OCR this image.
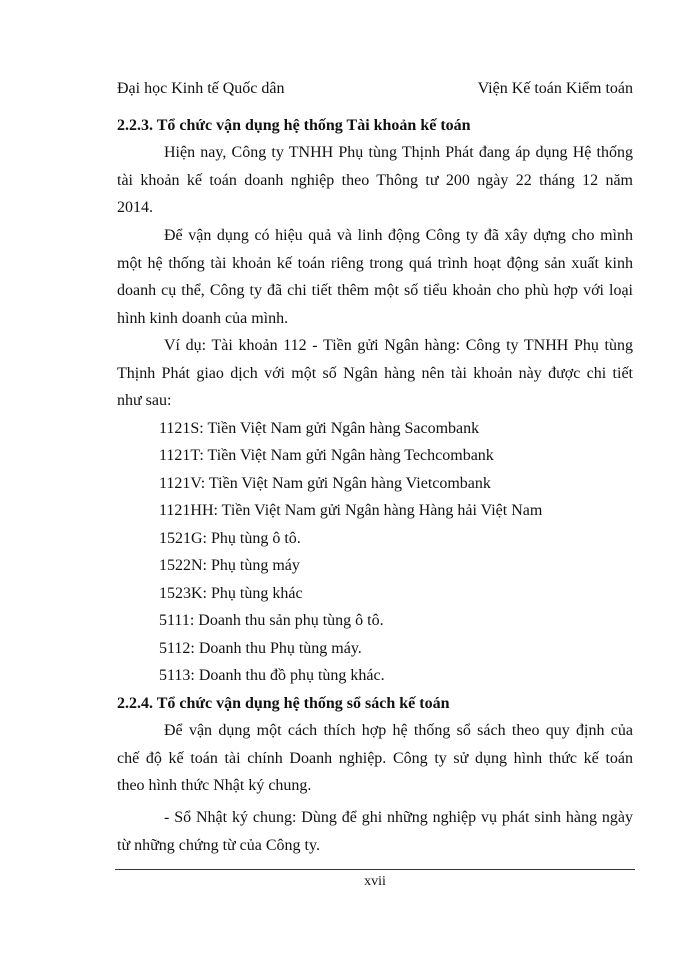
Đại học Kinh tế Quốc dân	Viện Kế toán Kiểm toán
2.2.3. Tổ chức vận dụng hệ thống Tài khoản kế toán
Hiện nay, Công ty TNHH Phụ tùng Thịnh Phát đang áp dụng Hệ thống
tài khoản kế toán doanh nghiệp theo Thông tư 200 ngày 22 tháng 12 năm
2014.
Để vận dụng có hiệu quả và linh động Công ty đã xây dựng cho mình
một hệ thống tài khoản kế toán riêng trong quá trình hoạt động sản xuất kinh
doanh cụ thể, Công ty đã chi tiết thêm một số tiểu khoản cho phù hợp với loại
hình kinh doanh của mình.
Ví dụ: Tài khoản 112 - Tiền gửi Ngân hàng: Công ty TNHH Phụ tùng
Thịnh Phát giao dịch với một số Ngân hàng nên tài khoản này được chi tiết
như sau:
1121S: Tiền Việt Nam gửi Ngân hàng Sacombank
1121T: Tiền Việt Nam gửi Ngân hàng Techcombank
1121V: Tiền Việt Nam gửi Ngân hàng Vietcombank
1121HH: Tiền Việt Nam gửi Ngân hàng Hàng hải Việt Nam
1521G: Phụ tùng ô tô.
1522N: Phụ tùng máy
1523K: Phụ tùng khác
5111: Doanh thu sản phụ tùng ô tô.
5112: Doanh thu Phụ tùng máy.
5113: Doanh thu đồ phụ tùng khác.
2.2.4. Tổ chức vận dụng hệ thống sổ sách kế toán
Để vận dụng một cách thích hợp hệ thống sổ sách theo quy định của
chế độ kế toán tài chính Doanh nghiệp. Công ty sử dụng hình thức kế toán
theo hình thức Nhật ký chung.
- Sổ Nhật ký chung: Dùng để ghi những nghiệp vụ phát sinh hàng ngày
từ những chứng từ của Công ty.
xvii
